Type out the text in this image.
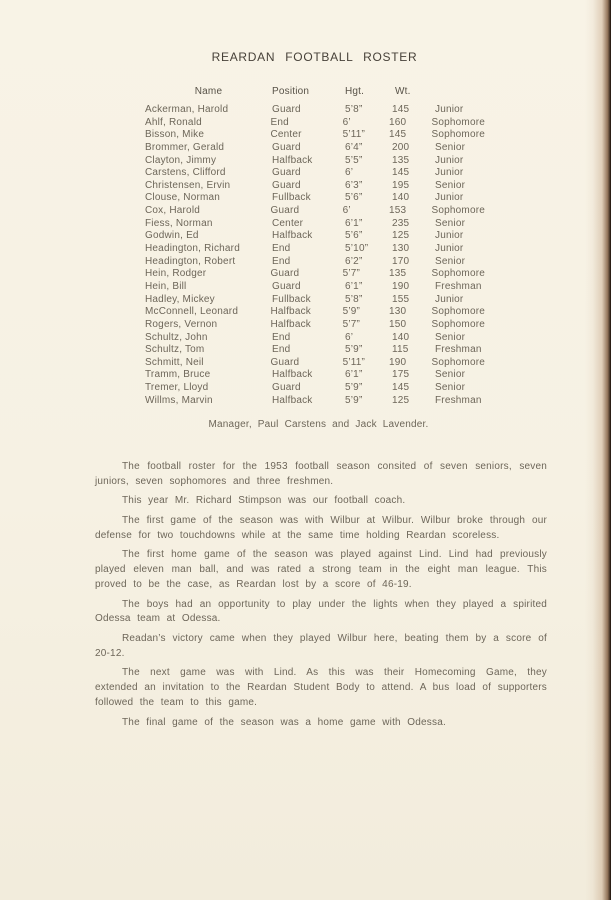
REARDAN FOOTBALL ROSTER
Name	Position	Hgt.	Wt.
Ackerman, Harold	Guard	5’8”	145	Junior
Ahlf, Ronald	End	6’	160	Sophomore
Bisson, Mike	Center	5’11”	145	Sophomore
Brommer, Gerald	Guard	6’4”	200	Senior
Clayton, Jimmy	Halfback	5’5”	135	Junior
Carstens, Clifford	Guard	6’	145	Junior
Christensen, Ervin	Guard	6’3”	195	Senior
Clouse, Norman	Fullback	5’6”	140	Junior
Cox, Harold	Guard	6’	153	Sophomore
Fiess, Norman	Center	6’1”	235	Senior
Godwin, Ed	Halfback	5’6”	125	Junior
Headington, Richard	End	5’10”	130	Junior
Headington, Robert	End	6’2”	170	Senior
Hein, Rodger	Guard	5’7”	135	Sophomore
Hein, Bill	Guard	6’1”	190	Freshman
Hadley, Mickey	Fullback	5’8”	155	Junior
McConnell, Leonard	Halfback	5’9”	130	Sophomore
Rogers, Vernon	Halfback	5’7”	150	Sophomore
Schultz, John	End	6’	140	Senior
Schultz, Tom	End	5’9”	115	Freshman
Schmitt, Neil	Guard	5’11”	190	Sophomore
Tramm, Bruce	Halfback	6’1”	175	Senior
Tremer, Lloyd	Guard	5’9”	145	Senior
Willms, Marvin	Halfback	5’9”	125	Freshman
Manager, Paul Carstens and Jack Lavender.

The football roster for the 1953 football season consited of seven seniors, seven juniors, seven sophomores and three freshmen.

This year Mr. Richard Stimpson was our football coach.

The first game of the season was with Wilbur at Wilbur. Wilbur broke through our defense for two touchdowns while at the same time holding Reardan scoreless.

The first home game of the season was played against Lind. Lind had previously played eleven man ball, and was rated a strong team in the eight man league. This proved to be the case, as Reardan lost by a score of 46-19.

The boys had an opportunity to play under the lights when they played a spirited Odessa team at Odessa.

Readan’s victory came when they played Wilbur here, beating them by a score of 20-12.

The next game was with Lind. As this was their Homecoming Game, they extended an invitation to the Reardan Student Body to attend. A bus load of supporters followed the team to this game.

The final game of the season was a home game with Odessa.
